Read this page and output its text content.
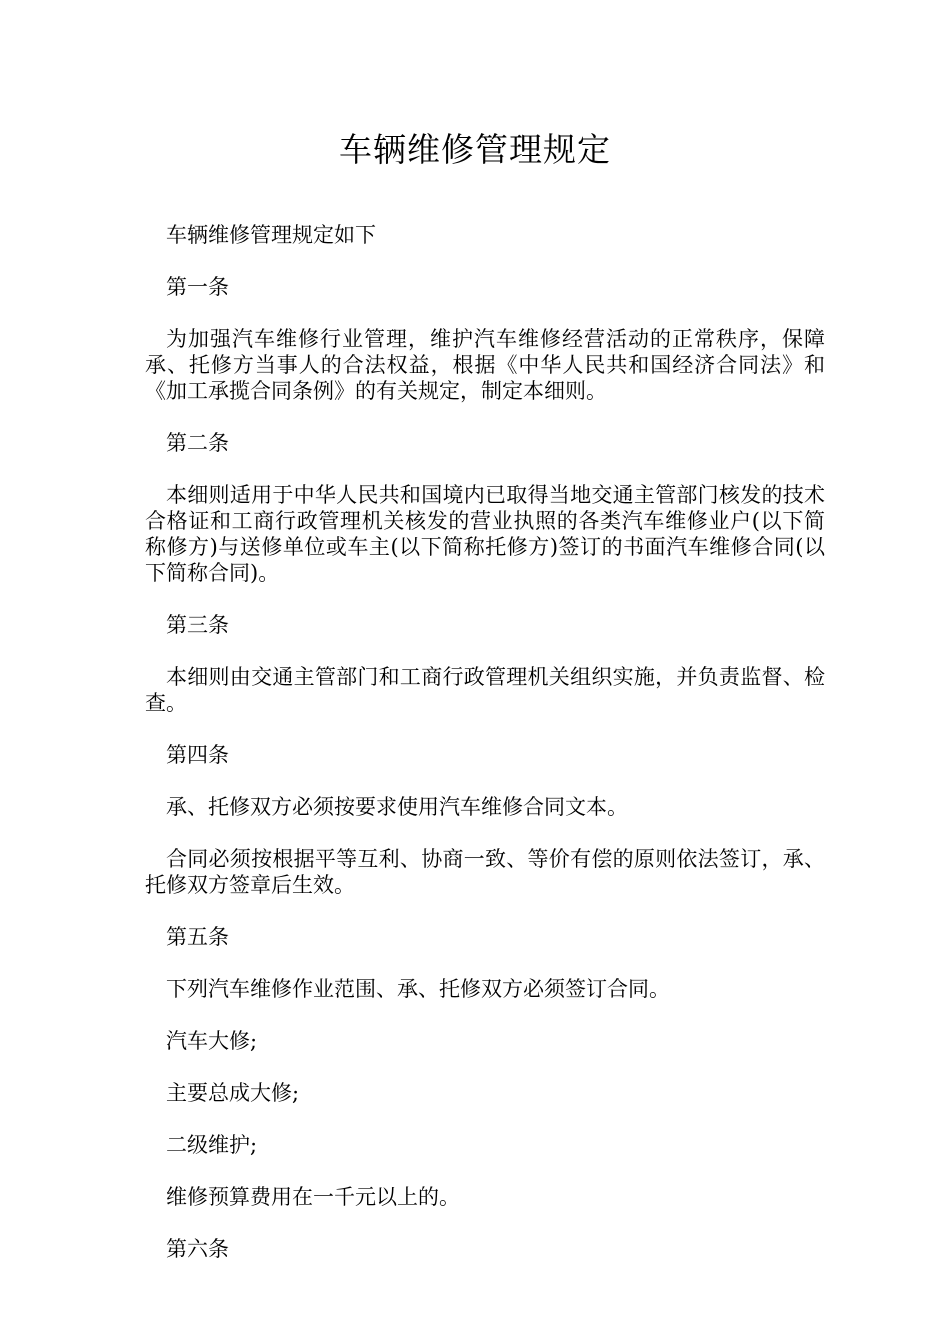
车辆维修管理规定

车辆维修管理规定如下

第一条

为加强汽车维修行业管理，维护汽车维修经营活动的正常秩序，保障承、托修方当事人的合法权益，根据《中华人民共和国经济合同法》和《加工承揽合同条例》的有关规定，制定本细则。

第二条

本细则适用于中华人民共和国境内已取得当地交通主管部门核发的技术合格证和工商行政管理机关核发的营业执照的各类汽车维修业户(以下简称修方)与送修单位或车主(以下简称托修方)签订的书面汽车维修合同(以下简称合同)。

第三条

本细则由交通主管部门和工商行政管理机关组织实施，并负责监督、检查。

第四条

承、托修双方必须按要求使用汽车维修合同文本。

合同必须按根据平等互利、协商一致、等价有偿的原则依法签订，承、托修双方签章后生效。

第五条

下列汽车维修作业范围、承、托修双方必须签订合同。

汽车大修;

主要总成大修;

二级维护;

维修预算费用在一千元以上的。

第六条
